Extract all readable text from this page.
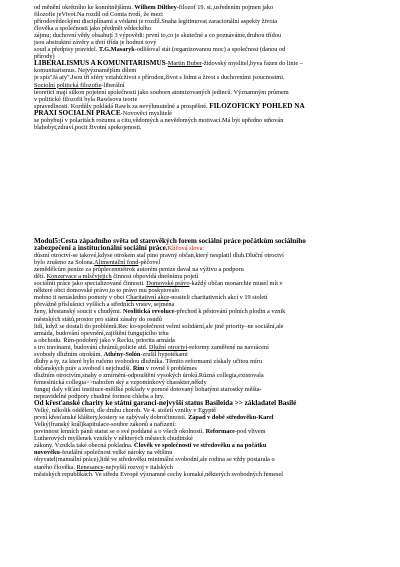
od měnění okrétního ke konrétnějšímu. Wilhem Dilthey-filozof 19. st.,usředením pojmen jako
filozofie jeVivot.Na rozdíl od Comta tvrdí, že mezi
přírodovědeckými disciplínami a vědami je rozdíl.Snaha legitimovat zaracionální aspekty života
člověka a společnosti jako předmět vědeckého
zájmu; duchovní vědy obsahují 3 výpovědi: první to,co je skutečné a co poznáváme,druhou třídou
jsou abstraktní závěry a třetí třída je hodnot tový
soud a předpisy pravidel. T.G.Masaryk-odlišoval stát (organizovanou moc) a společnost (danou od
přírody)
LIBERALISMUS A KOMUNITARISMUS-Martin Buber-židovský myslitel,byva řazen do linie –
komunitarismus. Nejvýznamějším dílem
je spis"Já aty".Jsou tři sféry vztahů:život s přírodou,život s lidmi a život s duchovními jsoucnostmi.
Sociolní politická filozofie-liberální
teoretici mají silkon pojetení společnosti jako souborn atomizovaných jedinců. Významným průmem
v politické filozofii byla Rawlsova teorie
spravedlnosti. Kordůly pokládá Rawls za nevýhmutelné a prospěšné. FILOZOFICKÝ POHLED NA
PRAXI SOCIÁLNÍ PRÁCE-Novověci myslitelé
se pohybují v polaritách rozumu a citu,vědomých a nevědomých motivací.Má být upředno stňován
blahobyt,zdraví,pocit životní spokojenosti.
Modul5:Cesta západního světa od starověkých forem sociální práce počátkům sociálního
zabezpečení a institucionální sociální práce.Klíčová slova:
důsmí otroctví-se takové,kdyse otrokem stal pino pravný občan,který nesplatil dluh.Dluční otroctví
bylo zrušeno za Solona.Alimentační fond-pěčovel
zemědělcům penize za průplecenmétrok autorém penize daval na výživu a podporu
dětí. Konzervace a mlsčvjejich činnost obpovídá dnešnímu pojetí
sociálníi práce jako specializované činnosti. Domovské právo-každý občan monarchie musel mít v
některé obci domovské právo,to to právo mu poskytovalo
mobno ti nenásledno pomoty v obci Charitativní akce-nositeli charitativních akcí v 19 století
převážně příslušnici vyšších a středních vrstev, sejména
ženy, křestanský soucit s chudými. Neolitická revoluce-přechod k pěstování polních plodin a vznik
městských států,prostor pro státní zásahy do osudů
lidí, když se dostali do problémů.Rec ko-společnost velmi solidární,ale jině priority–ne sociální,ale
armáda, budování opevnění,zajištění fungujícího trhu
a obchodu. Řím-podobný jako v Řecku, priorita armáda
s tro travinami, budování chrámů,policie atd. Dlužní otroctví-reformy zaměřené na navrácení
svobody dlužním otrokům. Athény-Solón-zrušil hypotékami
dluhy a ty, za které bylo ručeno svobodou dlužníka. Těmito reformami získaly učitou míru
občanských práv a svobod i nejchudší. Řím v rovně š problémes
dlužním otroctvím,snahy o zmírnění-odpouštění vysokých úroků.Různá collegia,existovala
řemeslnická collegia>>nabožen ský a vzpomínkový charakter,někdy
funguj daly všťání instituce-měšlké poklady v pomoé dotovaný bohatými starostky měšta-
nepravidelné podpory chudiné formou chleba a hry.
Od křesťanské charity ke státní garanci-nejvyšší status Basileida >> základatel Basilé
Velký, několik oddělení, dle druhu chorob. Ve 4. století vzniky v Egyptě
první křesťanské kláštery,kostery se zabývaly dobročinností. Západ v době středověku-Karel
Velký(franský král)kapitulace-soubor zákonů a nařízení:
povinnost lenních pánů starat se o své poddané a o všech okolností. Reformace-pod vlivem
Lutherových myšlenek vznikly v některých městech chudinské
zákony. Vznikla také obecná pokladna. Člověk ve společnosti ve středověku a na počátku
novověku-feudální společnost velké nároky na většinu
obyvatel(manuální práce),lidé ve středověku minimální svobodní,ale rodina se vždy postarala o
starého člověka. Renesance-nejvyšší rozvoj v italských
městských republikách. Ve středu Evropě významné cechy komaké,některých svobodných řemesel
